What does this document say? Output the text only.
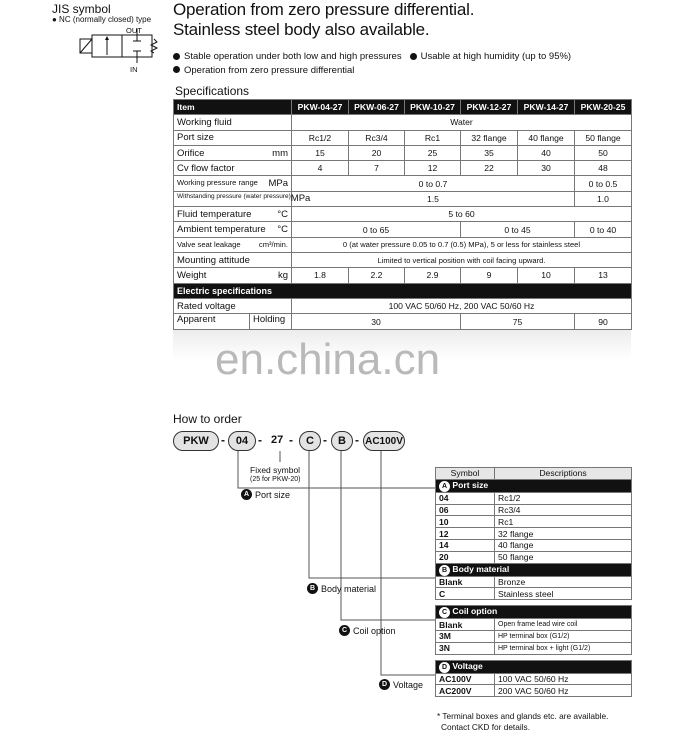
JIS symbol
● NC (normally closed) type
OUT
IN
Operation from zero pressure differential.
Stainless steel body also available.
Stable operation under both low and high pressures Usable at high humidity (up to 95%)
Operation from zero pressure differential
Specifications
Item	PKW-04-27	PKW-06-27	PKW-10-27	PKW-12-27	PKW-14-27	PKW-20-25
Working fluid	Water					
Port size	Rc1/2	Rc3/4	Rc1	32 flange	40 flange	50 flange

Orifice mm	15	20	25	35	40	50
Cv flow factor	4	7	12	22	30	48

Working pressure range MPa	0 to 0.7					0 to 0.5

Withstanding pressure (water pressure) MPa	1.5					1.0

Fluid temperature °C	5 to 60					

Ambient temperature °C	0 to 65			0 to 45		0 to 40

Valve seat leakage cm³/min.	0 (at water pressure 0.05 to 0.7 (0.5) MPa), 5 or less for stainless steel					
Mounting attitude	Limited to vertical position with coil facing upward.					

Weight kg	1.8	2.2	2.9	9	10	13
Electric specifications						
Rated voltage	100 VAC 50/60 Hz, 200 VAC 50/60 Hz					

Apparent Holding	30			75		90
en.china.cn
How to order
PKW	- 04 - 27 -	C -	B - AC100V
Fixed symbol
(25 for PKW-20)
A Port size
B Body material
C Coil option
D Voltage
Symbol	Descriptions
A Port size	
04	Rc1/2
06	Rc3/4
10	Rc1
12	32 flange
14	40 flange
20	50 flange
B Body material	
Blank	Bronze
C	Stainless steel

C Coil option	
Blank	Open frame lead wire coil
3M	HP terminal box (G1/2)
3N	HP terminal box + light (G1/2)

D Voltage	
AC100V	100 VAC 50/60 Hz
AC200V	200 VAC 50/60 Hz
* Terminal boxes and glands etc. are available.
Contact CKD for details.
